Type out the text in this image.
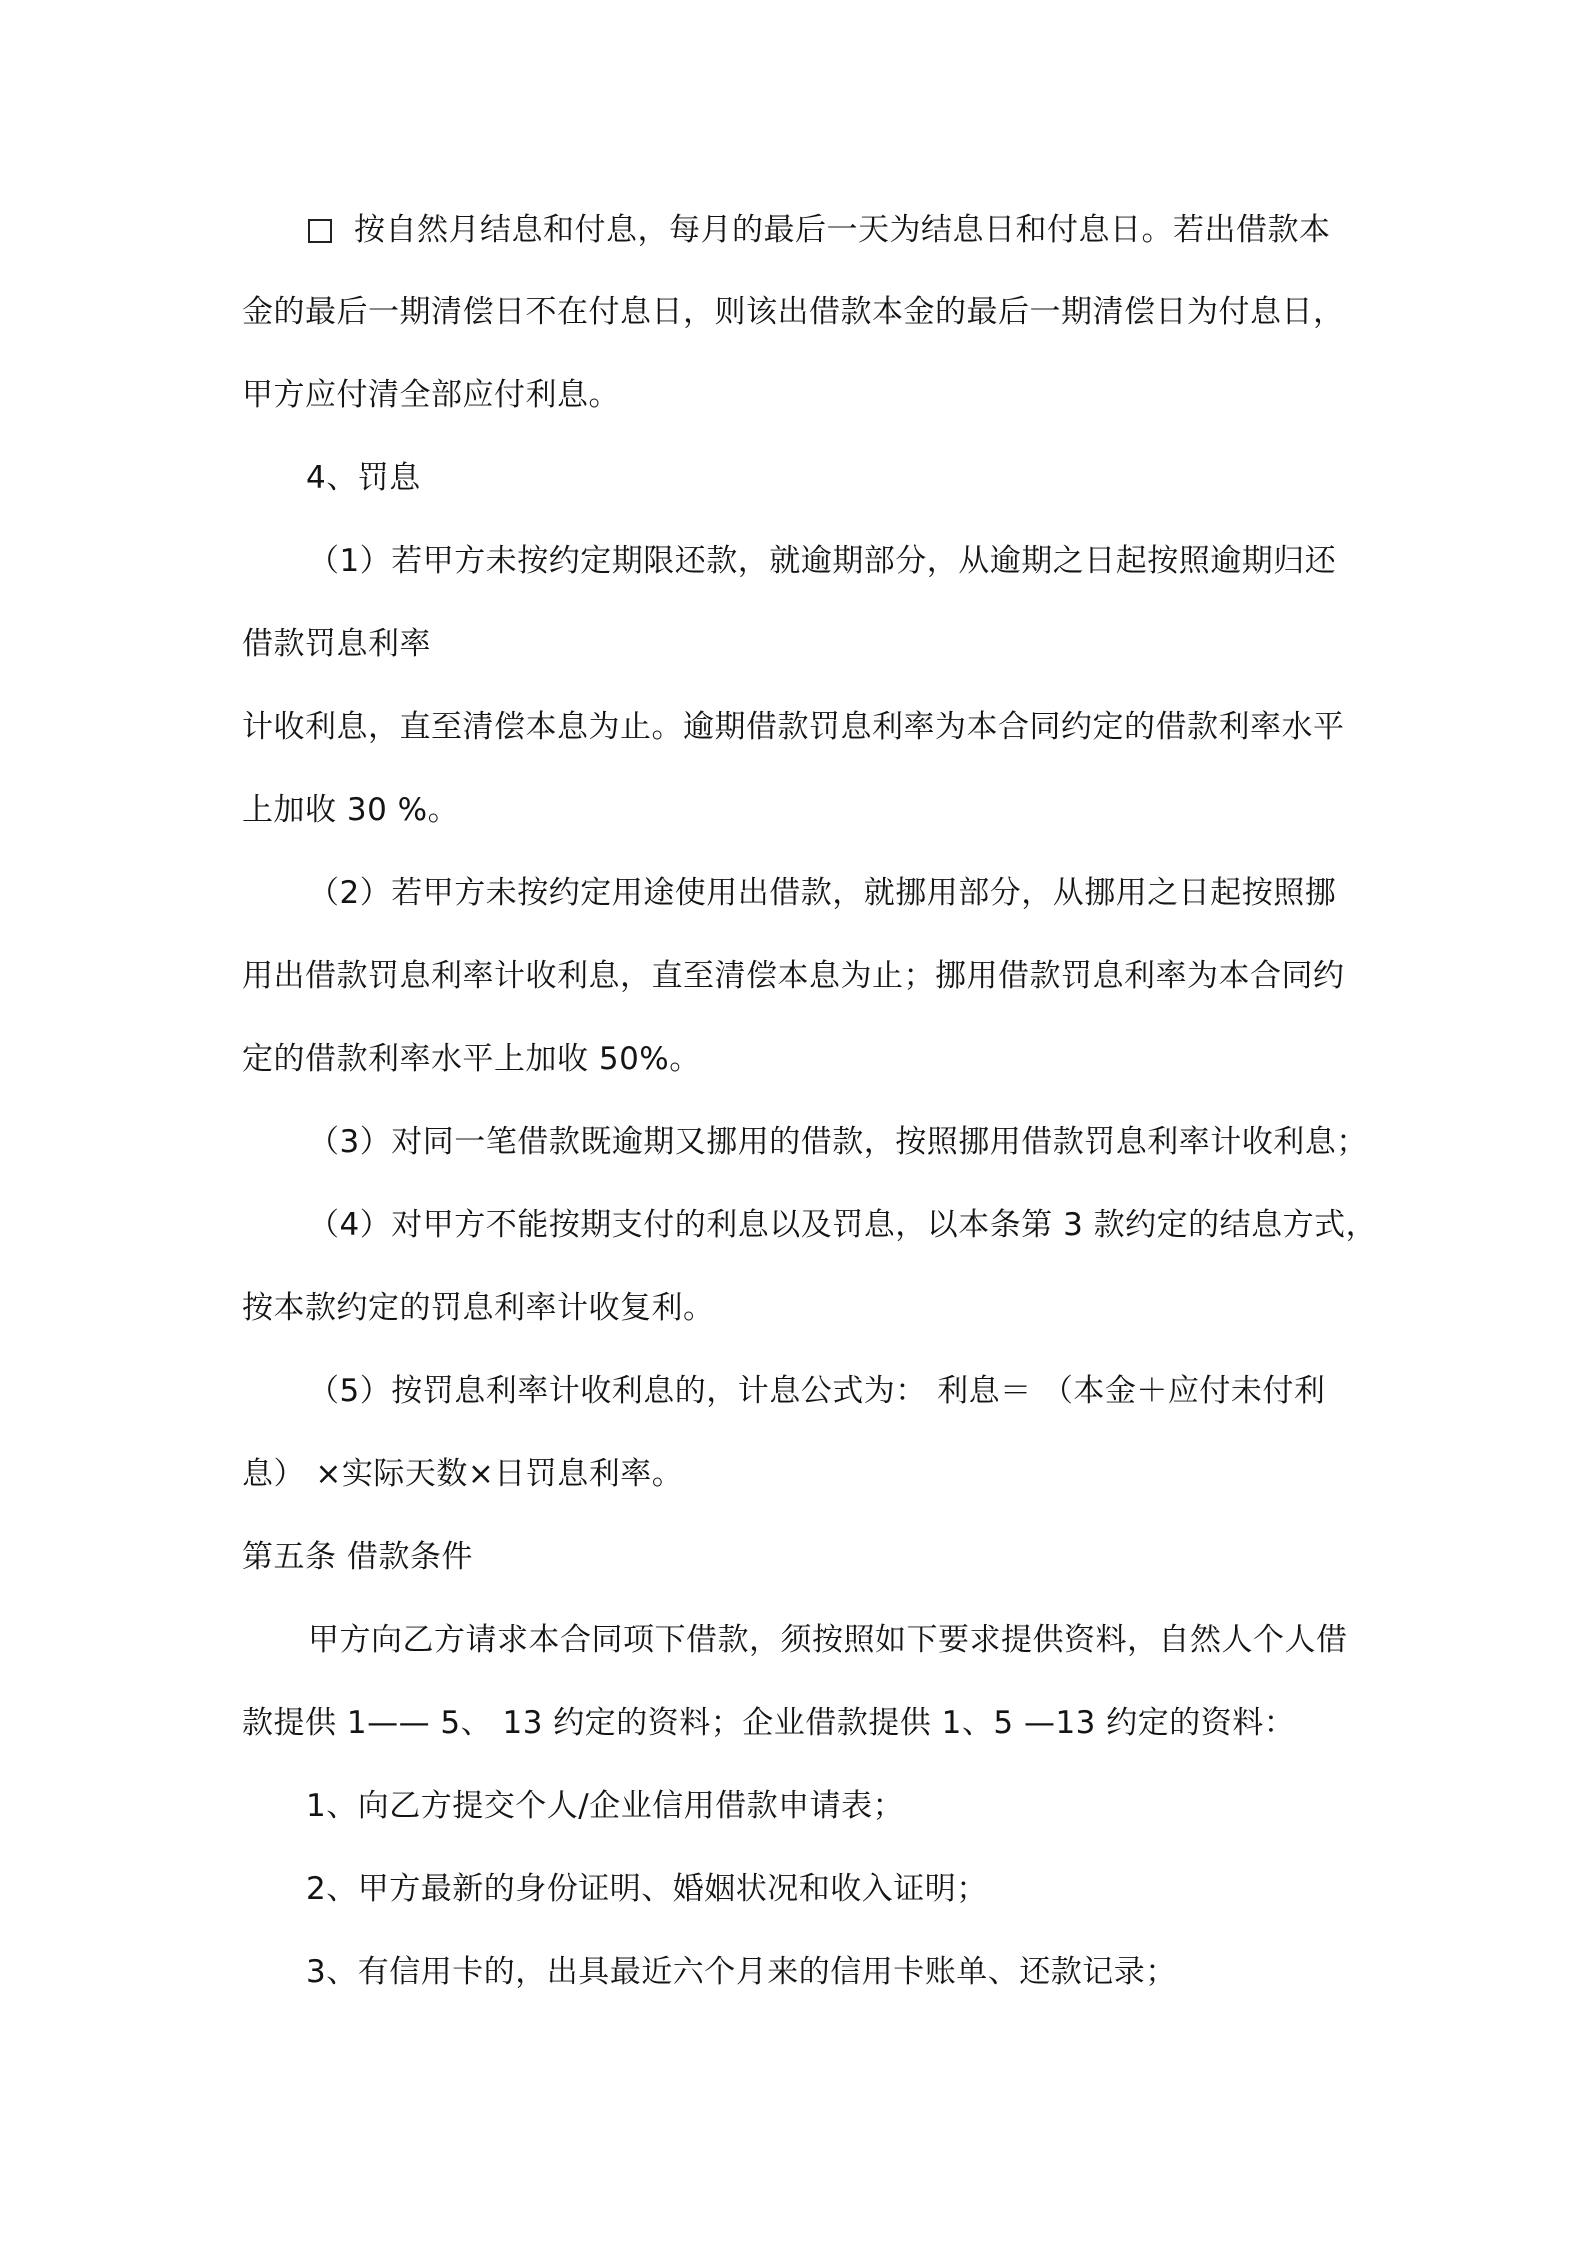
按自然月结息和付息，每月的最后一天为结息日和付息日。若出借款本
金的最后一期清偿日不在付息日，则该出借款本金的最后一期清偿日为付息日，
甲方应付清全部应付利息。
4、罚息
（1）若甲方未按约定期限还款，就逾期部分，从逾期之日起按照逾期归还
借款罚息利率
计收利息，直至清偿本息为止。逾期借款罚息利率为本合同约定的借款利率水平
上加收 30 %。
（2）若甲方未按约定用途使用出借款，就挪用部分，从挪用之日起按照挪
用出借款罚息利率计收利息，直至清偿本息为止；挪用借款罚息利率为本合同约
定的借款利率水平上加收 50%。
（3）对同一笔借款既逾期又挪用的借款，按照挪用借款罚息利率计收利息；
（4）对甲方不能按期支付的利息以及罚息，以本条第 3 款约定的结息方式，
按本款约定的罚息利率计收复利。
（5）按罚息利率计收利息的，计息公式为： 利息＝ （本金＋应付未付利
息） ×实际天数×日罚息利率。
第五条 借款条件
甲方向乙方请求本合同项下借款，须按照如下要求提供资料，自然人个人借
款提供 1—— 5、 13 约定的资料；企业借款提供 1、5 —13 约定的资料：
1、向乙方提交个人/企业信用借款申请表；
2、甲方最新的身份证明、婚姻状况和收入证明；
3、有信用卡的，出具最近六个月来的信用卡账单、还款记录；
